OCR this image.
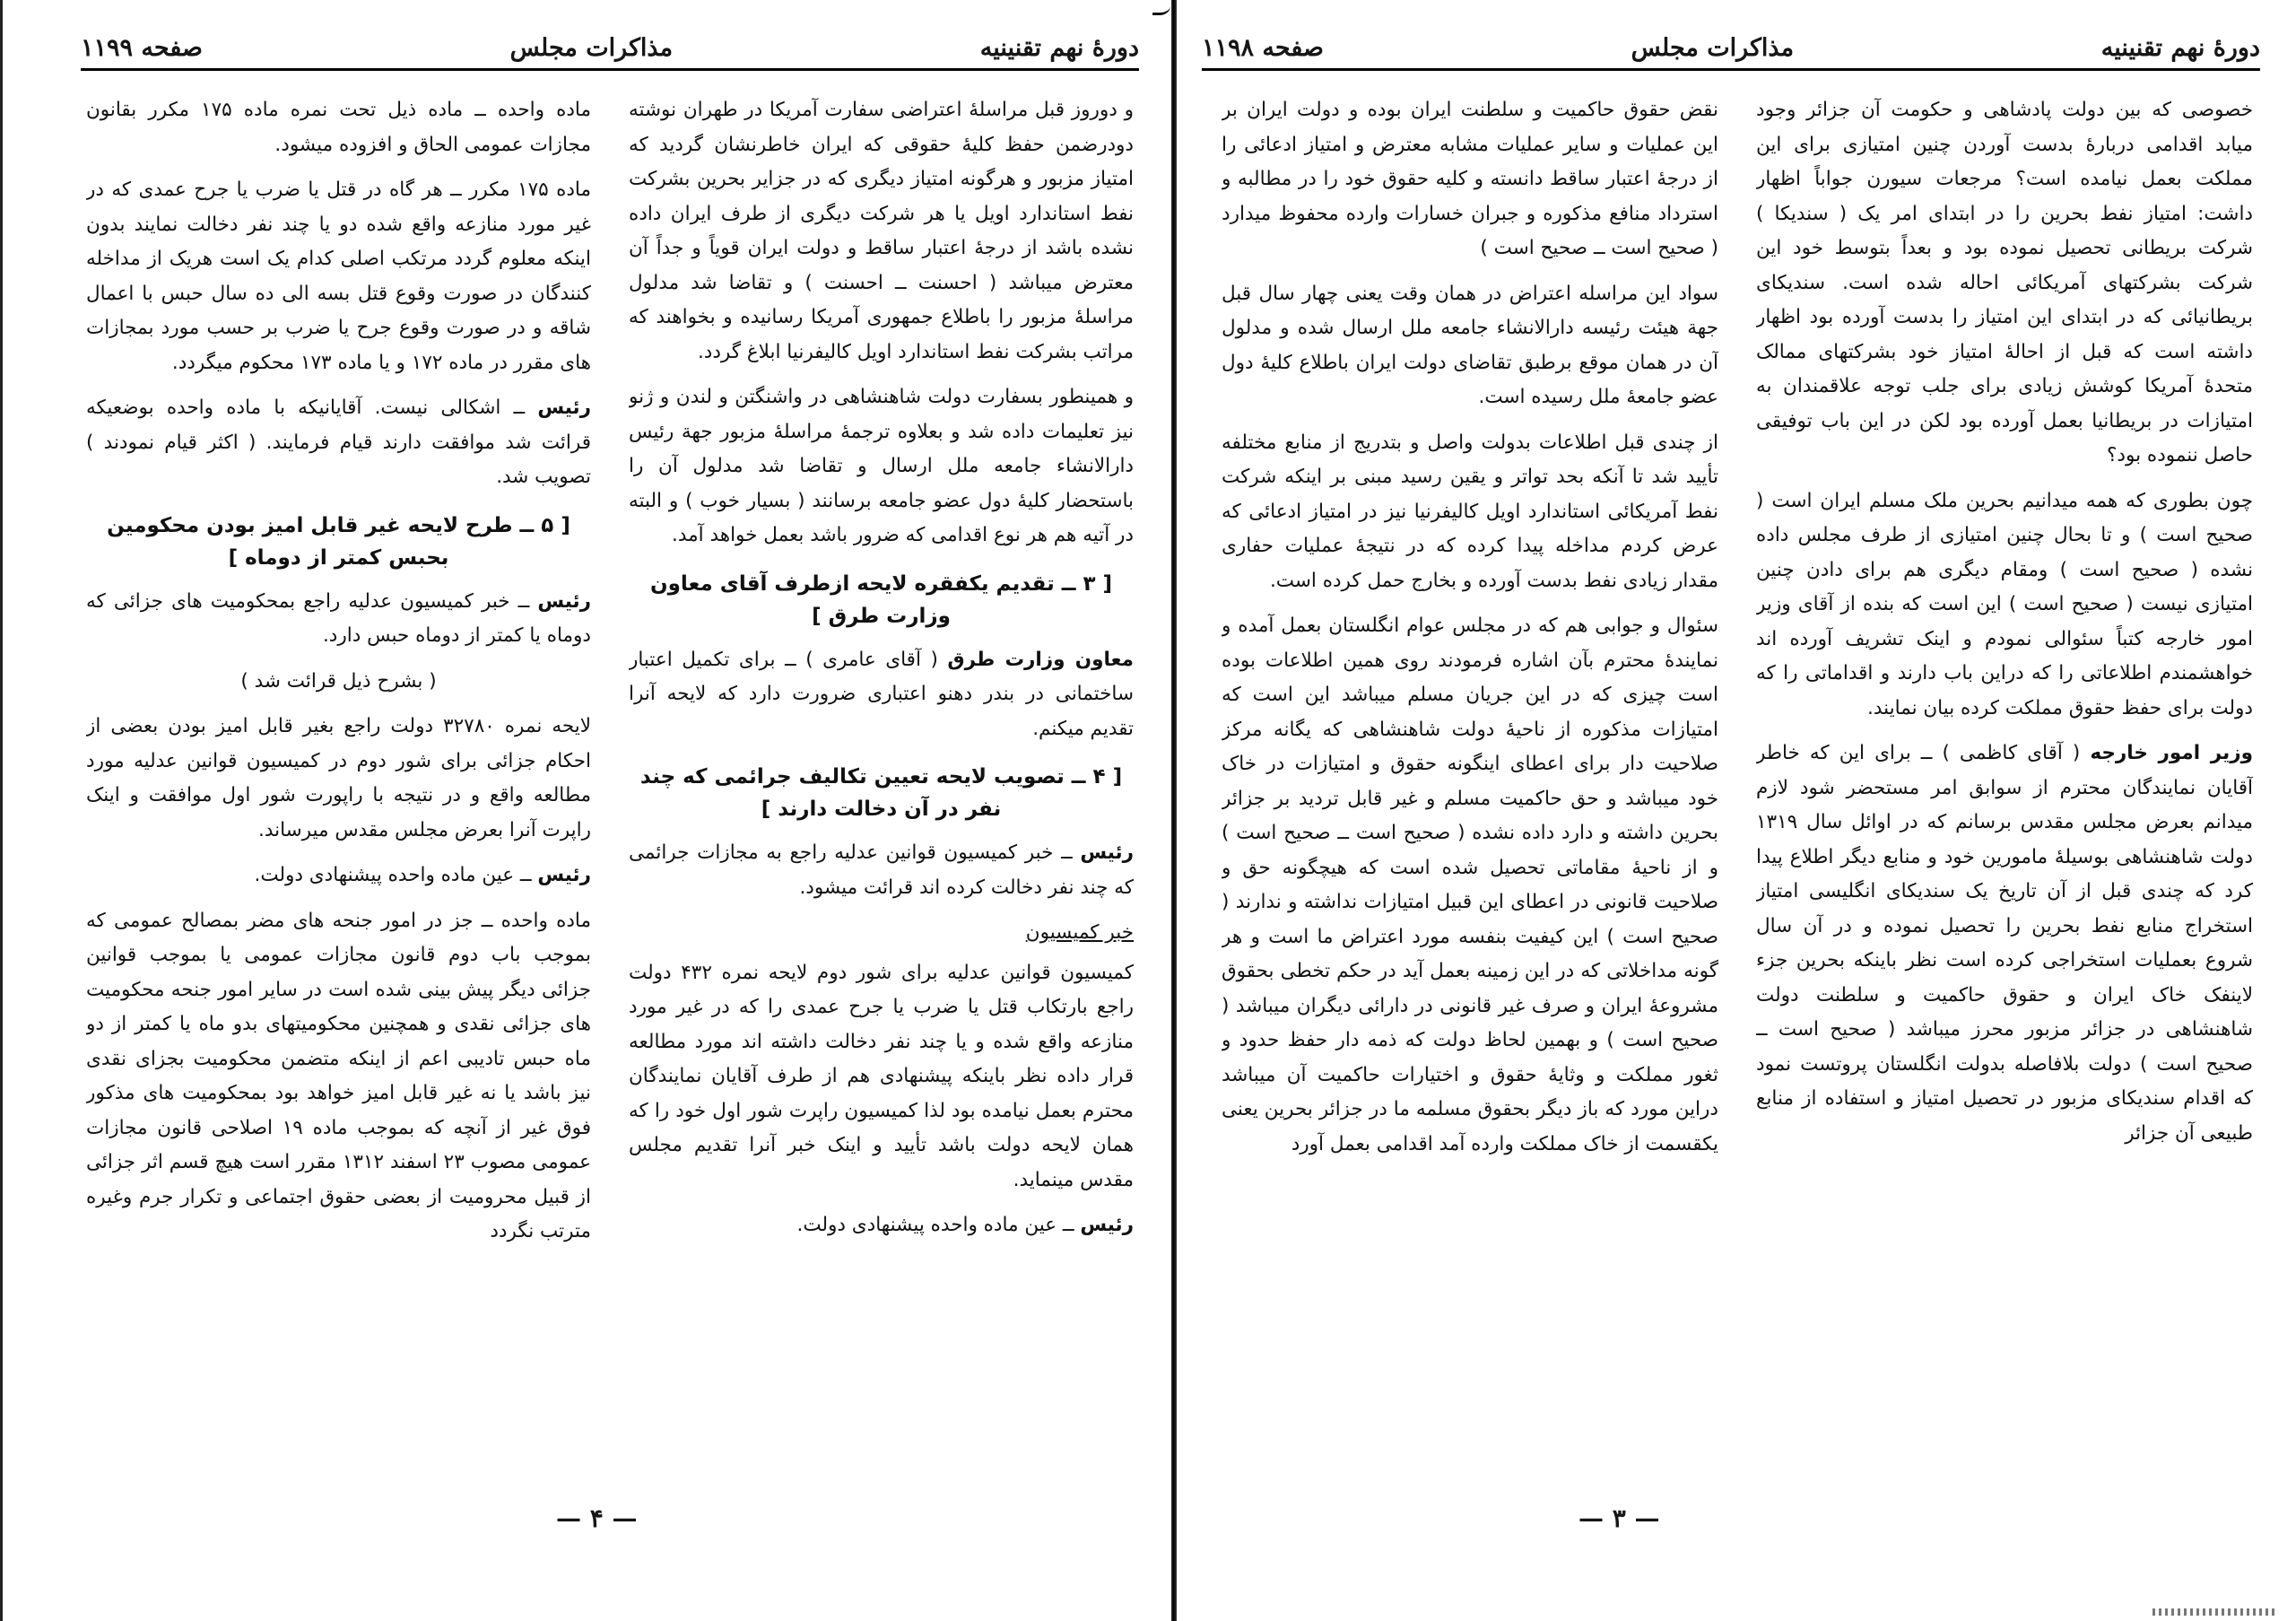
دورهٔ نهم تقنینیه
مذاکرات مجلس
صفحه ۱۱۹۹

و دوروز قبل مراسلهٔ اعتراضی سفارت آمریکا در طهران نوشته دودرضمن حفظ کلیهٔ حقوقی که ایران خاطرنشان گردید که امتیاز مزبور و هرگونه امتیاز دیگری که در جزایر بحرین بشرکت نفط استاندارد اویل یا هر شرکت دیگری از طرف ایران داده نشده باشد از درجهٔ اعتبار ساقط و دولت ایران قویاً و جداً آن معترض میباشد ( احسنت ــ احسنت ) و تقاضا شد مدلول مراسلهٔ مزبور را باطلاع جمهوری آمریکا رسانیده و بخواهند که مراتب بشرکت نفط استاندارد اویل کالیفرنیا ابلاغ گردد.

و همینطور بسفارت دولت شاهنشاهی در واشنگتن و لندن و ژنو نیز تعلیمات داده شد و بعلاوه ترجمهٔ مراسلهٔ مزبور جهة رئیس دارالانشاء جامعه ملل ارسال و تقاضا شد مدلول آن را باستحضار کلیهٔ دول عضو جامعه برسانند ( بسیار خوب ) و البته در آتیه هم هر نوع اقدامی که ضرور باشد بعمل خواهد آمد.

[ ۳ ــ تقدیم یکفقره لایحه ازطرف آقای معاون وزارت طرق ]

معاون وزارت طرق ( آقای عامری ) ــ برای تکمیل اعتبار ساختمانی در بندر دهنو اعتباری ضرورت دارد که لایحه آنرا تقدیم میکنم.

[ ۴ ــ تصویب لایحه تعیین تکالیف جرائمی که چند نفر در آن دخالت دارند ]

رئیس ــ خبر کمیسیون قوانین عدلیه راجع به مجازات جرائمی که چند نفر دخالت کرده اند قرائت میشود.

خبر کمیسیون

کمیسیون قوانین عدلیه برای شور دوم لایحه نمره ۴۳۲ دولت راجع بارتکاب قتل یا ضرب یا جرح عمدی را که در غیر مورد منازعه واقع شده و یا چند نفر دخالت داشته اند مورد مطالعه قرار داده نظر باینکه پیشنهادی هم از طرف آقایان نمایندگان محترم بعمل نیامده بود لذا کمیسیون راپرت شور اول خود را که همان لایحه دولت باشد تأیید و اینک خبر آنرا تقدیم مجلس مقدس مینماید.

رئیس ــ عین ماده واحده پیشنهادی دولت.

ماده واحده ــ ماده ذیل تحت نمره ماده ۱۷۵ مکرر بقانون مجازات عمومی الحاق و افزوده میشود.

ماده ۱۷۵ مکرر ــ هر گاه در قتل یا ضرب یا جرح عمدی که در غیر مورد منازعه واقع شده دو یا چند نفر دخالت نمایند بدون اینکه معلوم گردد مرتکب اصلی کدام یک است هریک از مداخله کنندگان در صورت وقوع قتل بسه الی ده سال حبس با اعمال شاقه و در صورت وقوع جرح یا ضرب بر حسب مورد بمجازات های مقرر در ماده ۱۷۲ و یا ماده ۱۷۳ محکوم میگردد.

رئیس ــ اشکالی نیست. آقایانیکه با ماده واحده بوضعیکه قرائت شد موافقت دارند قیام فرمایند. ( اکثر قیام نمودند ) تصویب شد.

[ ۵ ــ طرح لایحه غیر قابل امیز بودن محکومین بحبس کمتر از دوماه ]

رئیس ــ خبر کمیسیون عدلیه راجع بمحکومیت های جزائی که دوماه یا کمتر از دوماه حبس دارد.

( بشرح ذیل قرائت شد )

لایحه نمره ۳۲۷۸۰ دولت راجع بغیر قابل امیز بودن بعضی از احکام جزائی برای شور دوم در کمیسیون قوانین عدلیه مورد مطالعه واقع و در نتیجه با راپورت شور اول موافقت و اینک راپرت آنرا بعرض مجلس مقدس میرساند.

رئیس ــ عین ماده واحده پیشنهادی دولت.

ماده واحده ــ جز در امور جنحه های مضر بمصالح عمومی که بموجب باب دوم قانون مجازات عمومی یا بموجب قوانین جزائی دیگر پیش بینی شده است در سایر امور جنحه محکومیت های جزائی نقدی و همچنین محکومیتهای بدو ماه یا کمتر از دو ماه حبس تادیبی اعم از اینکه متضمن محکومیت بجزای نقدی نیز باشد یا نه غیر قابل امیز خواهد بود بمحکومیت های مذکور فوق غیر از آنچه که بموجب ماده ۱۹ اصلاحی قانون مجازات عمومی مصوب ۲۳ اسفند ۱۳۱۲ مقرر است هیچ قسم اثر جزائی از قبیل محرومیت از بعضی حقوق اجتماعی و تکرار جرم وغیره مترتب نگردد

— ۴ —
دورهٔ نهم تقنینیه
مذاکرات مجلس
صفحه ۱۱۹۸

خصوصی که بین دولت پادشاهی و حکومت آن جزائر وجود میابد اقدامی دربارهٔ بدست آوردن چنین امتیازی برای این مملکت بعمل نیامده است؟ مرجعات سیورن جواباً اظهار داشت: امتیاز نفط بحرین را در ابتدای امر یک ( سندیکا ) شرکت بریطانی تحصیل نموده بود و بعداً بتوسط خود این شرکت بشرکتهای آمریکائی احاله شده است. سندیکای بریطانیائی که در ابتدای این امتیاز را بدست آورده بود اظهار داشته است که قبل از احالهٔ امتیاز خود بشرکتهای ممالک متحدهٔ آمریکا کوشش زیادی برای جلب توجه علاقمندان به امتیازات در بریطانیا بعمل آورده بود لکن در این باب توفیقی حاصل ننموده بود؟

چون بطوری که همه میدانیم بحرین ملک مسلم ایران است ( صحیح است ) و تا بحال چنین امتیازی از طرف مجلس داده نشده ( صحیح است ) ومقام دیگری هم برای دادن چنین امتیازی نیست ( صحیح است ) این است که بنده از آقای وزیر امور خارجه کتباً سئوالی نمودم و اینک تشریف آورده اند خواهشمندم اطلاعاتی را که دراین باب دارند و اقداماتی را که دولت برای حفظ حقوق مملکت کرده بیان نمایند.

وزیر امور خارجه ( آقای کاظمی ) ــ برای این که خاطر آقایان نمایندگان محترم از سوابق امر مستحضر شود لازم میدانم بعرض مجلس مقدس برسانم که در اوائل سال ۱۳۱۹ دولت شاهنشاهی بوسیلهٔ مامورین خود و منابع دیگر اطلاع پیدا کرد که چندی قبل از آن تاریخ یک سندیکای انگلیسی امتیاز استخراج منابع نفط بحرین را تحصیل نموده و در آن سال شروع بعملیات استخراجی کرده است نظر باینکه بحرین جزء لاینفک خاک ایران و حقوق حاکمیت و سلطنت دولت شاهنشاهی در جزائر مزبور محرز میباشد ( صحیح است ــ صحیح است ) دولت بلافاصله بدولت انگلستان پروتست نمود که اقدام سندیکای مزبور در تحصیل امتیاز و استفاده از منابع طبیعی آن جزائر

نقض حقوق حاکمیت و سلطنت ایران بوده و دولت ایران بر این عملیات و سایر عملیات مشابه معترض و امتیاز ادعائی را از درجهٔ اعتبار ساقط دانسته و کلیه حقوق خود را در مطالبه و استرداد منافع مذکوره و جبران خسارات وارده محفوظ میدارد ( صحیح است ــ صحیح است )

سواد این مراسله اعتراض در همان وقت یعنی چهار سال قبل جهة هیئت رئیسه دارالانشاء جامعه ملل ارسال شده و مدلول آن در همان موقع برطبق تقاضای دولت ایران باطلاع کلیهٔ دول عضو جامعهٔ ملل رسیده است.

از چندی قبل اطلاعات بدولت واصل و بتدریج از منابع مختلفه تأیید شد تا آنکه بحد تواتر و یقین رسید مبنی بر اینکه شرکت نفط آمریکائی استاندارد اویل کالیفرنیا نیز در امتیاز ادعائی که عرض کردم مداخله پیدا کرده که در نتیجهٔ عملیات حفاری مقدار زیادی نفط بدست آورده و بخارج حمل کرده است.

سئوال و جوابی هم که در مجلس عوام انگلستان بعمل آمده و نمایندهٔ محترم بآن اشاره فرمودند روی همین اطلاعات بوده است چیزی که در این جریان مسلم میباشد این است که امتیازات مذکوره از ناحیهٔ دولت شاهنشاهی که یگانه مرکز صلاحیت دار برای اعطای اینگونه حقوق و امتیازات در خاک خود میباشد و حق حاکمیت مسلم و غیر قابل تردید بر جزائر بحرین داشته و دارد داده نشده ( صحیح است ــ صحیح است ) و از ناحیهٔ مقاماتی تحصیل شده است که هیچگونه حق و صلاحیت قانونی در اعطای این قبیل امتیازات نداشته و ندارند ( صحیح است ) این کیفیت بنفسه مورد اعتراض ما است و هر گونه مداخلاتی که در این زمینه بعمل آید در حکم تخطی بحقوق مشروعهٔ ایران و صرف غیر قانونی در دارائی دیگران میباشد ( صحیح است ) و بهمین لحاظ دولت که ذمه دار حفظ حدود و ثغور مملکت و وثایهٔ حقوق و اختیارات حاکمیت آن میباشد دراین مورد که باز دیگر بحقوق مسلمه ما در جزائر بحرین یعنی یکقسمت از خاک مملکت وارده آمد اقدامی بعمل آورد

— ۳ —
